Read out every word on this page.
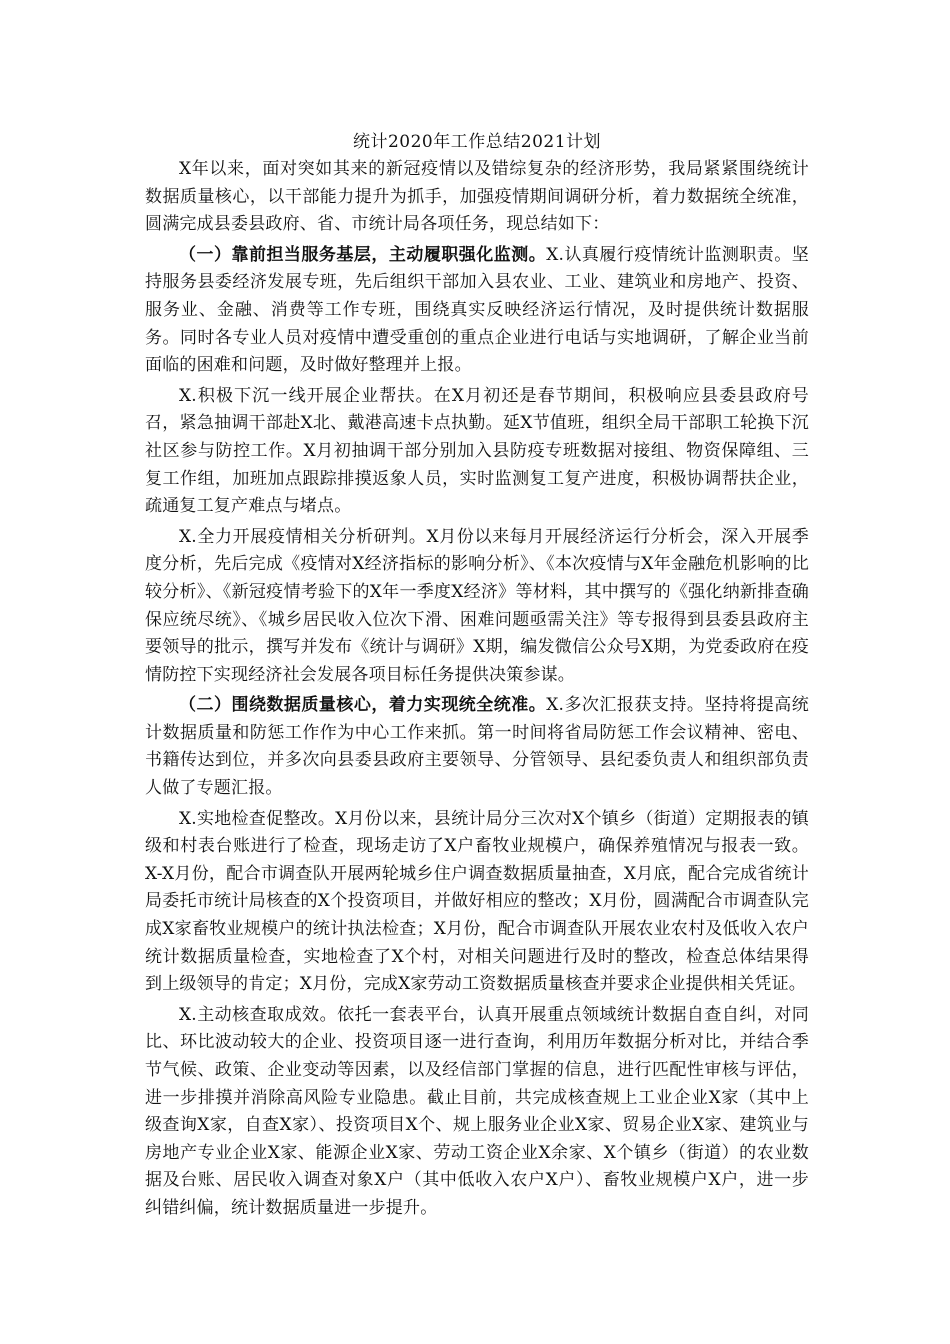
统计2020年工作总结2021计划

X年以来，面对突如其来的新冠疫情以及错综复杂的经济形势，我局紧紧围绕统计数据质量核心，以干部能力提升为抓手，加强疫情期间调研分析，着力数据统全统准，圆满完成县委县政府、省、市统计局各项任务，现总结如下：

（一）靠前担当服务基层，主动履职强化监测。X.认真履行疫情统计监测职责。坚持服务县委经济发展专班，先后组织干部加入县农业、工业、建筑业和房地产、投资、服务业、金融、消费等工作专班，围绕真实反映经济运行情况，及时提供统计数据服务。同时各专业人员对疫情中遭受重创的重点企业进行电话与实地调研，了解企业当前面临的困难和问题，及时做好整理并上报。

X.积极下沉一线开展企业帮扶。在X月初还是春节期间，积极响应县委县政府号召，紧急抽调干部赴X北、戴港高速卡点执勤。延X节值班，组织全局干部职工轮换下沉社区参与防控工作。X月初抽调干部分别加入县防疫专班数据对接组、物资保障组、三复工作组，加班加点跟踪排摸返象人员，实时监测复工复产进度，积极协调帮扶企业，疏通复工复产难点与堵点。

X.全力开展疫情相关分析研判。X月份以来每月开展经济运行分析会，深入开展季度分析，先后完成《疫情对X经济指标的影响分析》、《本次疫情与X年金融危机影响的比较分析》、《新冠疫情考验下的X年一季度X经济》等材料，其中撰写的《强化纳新排查确保应统尽统》、《城乡居民收入位次下滑、困难问题亟需关注》等专报得到县委县政府主要领导的批示，撰写并发布《统计与调研》X期，编发微信公众号X期，为党委政府在疫情防控下实现经济社会发展各项目标任务提供决策参谋。

（二）围绕数据质量核心，着力实现统全统准。X.多次汇报获支持。坚持将提高统计数据质量和防惩工作作为中心工作来抓。第一时间将省局防惩工作会议精神、密电、书籍传达到位，并多次向县委县政府主要领导、分管领导、县纪委负责人和组织部负责人做了专题汇报。

X.实地检查促整改。X月份以来，县统计局分三次对X个镇乡（街道）定期报表的镇级和村表台账进行了检查，现场走访了X户畜牧业规模户，确保养殖情况与报表一致。X-X月份，配合市调查队开展两轮城乡住户调查数据质量抽查，X月底，配合完成省统计局委托市统计局核查的X个投资项目，并做好相应的整改；X月份，圆满配合市调查队完成X家畜牧业规模户的统计执法检查；X月份，配合市调查队开展农业农村及低收入农户统计数据质量检查，实地检查了X个村，对相关问题进行及时的整改，检查总体结果得到上级领导的肯定；X月份，完成X家劳动工资数据质量核查并要求企业提供相关凭证。

X.主动核查取成效。依托一套表平台，认真开展重点领域统计数据自查自纠，对同比、环比波动较大的企业、投资项目逐一进行查询，利用历年数据分析对比，并结合季节气候、政策、企业变动等因素，以及经信部门掌握的信息，进行匹配性审核与评估，进一步排摸并消除高风险专业隐患。截止目前，共完成核查规上工业企业X家（其中上级查询X家，自查X家）、投资项目X个、规上服务业企业X家、贸易企业X家、建筑业与房地产专业企业X家、能源企业X家、劳动工资企业X余家、X个镇乡（街道）的农业数据及台账、居民收入调查对象X户（其中低收入农户X户）、畜牧业规模户X户，进一步纠错纠偏，统计数据质量进一步提升。
